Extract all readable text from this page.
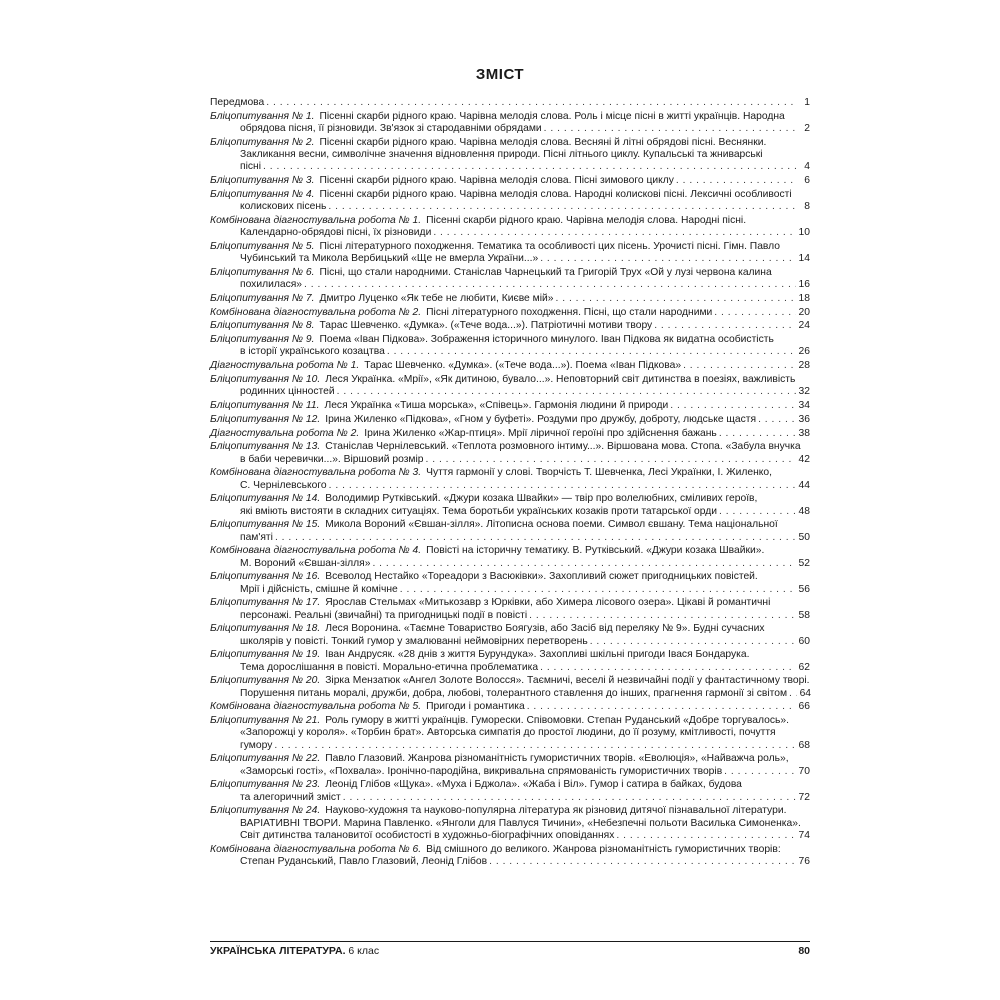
ЗМІСТ
Передмова . . .	1
Бліцопитування № 1. Пісенні скарби рідного краю. Чарівна мелодія слова. Роль і місце пісні в житті українців. Народна
обрядова пісня, її різновиди. Зв'язок зі стародавніми обрядами . . .	2
Бліцопитування № 2. Пісенні скарби рідного краю. Чарівна мелодія слова. Весняні й літні обрядові пісні. Веснянки.
Закликання весни, символічне значення відновлення природи. Пісні літнього циклу. Купальські та жниварські
пісні . . .	4
Бліцопитування № 3. Пісенні скарби рідного краю. Чарівна мелодія слова. Пісні зимового циклу . . .	6
Бліцопитування № 4. Пісенні скарби рідного краю. Чарівна мелодія слова. Народні колискові пісні. Лексичні особливості
колискових пісень . . .	8
Комбінована діагностувальна робота № 1. Пісенні скарби рідного краю. Чарівна мелодія слова. Народні пісні.
Календарно-обрядові пісні, їх різновиди . . .	10
Бліцопитування № 5. Пісні літературного походження. Тематика та особливості цих пісень. Урочисті пісні. Гімн. Павло
Чубинський та Микола Вербицький «Ще не вмерла України...» . . .	14
Бліцопитування № 6. Пісні, що стали народними. Станіслав Чарнецький та Григорій Трух «Ой у лузі червона калина
похилилася» . . .	16
Бліцопитування № 7. Дмитро Луценко «Як тебе не любити, Києве мій» . . .	18
Комбінована діагностувальна робота № 2. Пісні літературного походження. Пісні, що стали народними . . .	20
Бліцопитування № 8. Тарас Шевченко. «Думка». («Тече вода...»). Патріотичні мотиви твору . . .	24
Бліцопитування № 9. Поема «Іван Підкова». Зображення історичного минулого. Іван Підкова як видатна особистість
в історії українського козацтва . . .	26
Діагностувальна робота № 1. Тарас Шевченко. «Думка». («Тече вода...»). Поема «Іван Підкова» . . .	28
Бліцопитування № 10. Леся Українка. «Мрії», «Як дитиною, бувало...». Неповторний світ дитинства в поезіях, важливість
родинних цінностей . . .	32
Бліцопитування № 11. Леся Українка «Тиша морська», «Співець». Гармонія людини й природи . . .	34
Бліцопитування № 12. Ірина Жиленко «Підкова», «Гном у буфеті». Роздуми про дружбу, доброту, людське щастя . . .	36
Діагностувальна робота № 2. Ірина Жиленко «Жар-птиця». Мрії ліричної героїні про здійснення бажань . . .	38
Бліцопитування № 13. Станіслав Чернілевський. «Теплота розмовного інтиму...». Віршована мова. Стопа. «Забула внучка
в баби черевички...». Віршовий розмір . . .	42
Комбінована діагностувальна робота № 3. Чуття гармонії у слові. Творчість Т. Шевченка, Лесі Українки, І. Жиленко,
С. Чернілевського . . .	44
Бліцопитування № 14. Володимир Рутківський. «Джури козака Швайки» — твір про волелюбних, сміливих героїв,
які вміють вистояти в складних ситуаціях. Тема боротьби українських козаків проти татарської орди . . .	48
Бліцопитування № 15. Микола Вороний «Євшан-зілля». Літописна основа поеми. Символ євшану. Тема національної
пам'яті . . .	50
Комбінована діагностувальна робота № 4. Повісті на історичну тематику. В. Рутківський. «Джури козака Швайки».
М. Вороний «Євшан-зілля» . . .	52
Бліцопитування № 16. Всеволод Нестайко «Тореадори з Васюківки». Захопливий сюжет пригодницьких повістей.
Мрії і дійсність, смішне й комічне . . .	56
Бліцопитування № 17. Ярослав Стельмах «Митькозавр з Юрківки, або Химера лісового озера». Цікаві й романтичні
персонажі. Реальні (звичайні) та пригодницькі події в повісті . . .	58
Бліцопитування № 18. Леся Воронина. «Таємне Товариство Боягузів, або Засіб від переляку № 9». Будні сучасних
школярів у повісті. Тонкий гумор у змалюванні неймовірних перетворень . . .	60
Бліцопитування № 19. Іван Андрусяк. «28 днів з життя Бурундука». Захопливі шкільні пригоди Івася Бондарука.
Тема дорослішання в повісті. Морально-етична проблематика . . .	62
Бліцопитування № 20. Зірка Мензатюк «Ангел Золоте Волосся». Таємничі, веселі й незвичайні події у фантастичному творі.
Порушення питань моралі, дружби, добра, любові, толерантного ставлення до інших, прагнення гармонії зі світом . . . 64
Комбінована діагностувальна робота № 5. Пригоди і романтика . . .	66
Бліцопитування № 21. Роль гумору в житті українців. Гуморески. Співомовки. Степан Руданський «Добре торгувалось».
«Запорожці у короля». «Торбин брат». Авторська симпатія до простої людини, до її розуму, кмітливості, почуття
гумору . . .	68
Бліцопитування № 22. Павло Глазовий. Жанрова різноманітність гумористичних творів. «Еволюція», «Найважча роль»,
«Заморські гості», «Похвала». Іронічно-пародійна, викривальна спрямованість гумористичних творів . . .	70
Бліцопитування № 23. Леонід Глібов «Щука». «Муха і Бджола». «Жаба і Віл». Гумор і сатира в байках, будова
та алегоричний зміст . . .	72
Бліцопитування № 24. Науково-художня та науково-популярна література як різновид дитячої пізнавальної літератури.
ВАРІАТИВНІ ТВОРИ. Марина Павленко. «Янголи для Павлуся Тичини», «Небезпечні польоти Василька Симоненка».
Світ дитинства талановитої особистості в художньо-біографічних оповіданнях . . .	74
Комбінована діагностувальна робота № 6. Від смішного до великого. Жанрова різноманітність гумористичних творів:
Степан Руданський, Павло Глазовий, Леонід Глібов . . .	76
УКРАЇНСЬКА ЛІТЕРАТУРА. 6 клас	80
